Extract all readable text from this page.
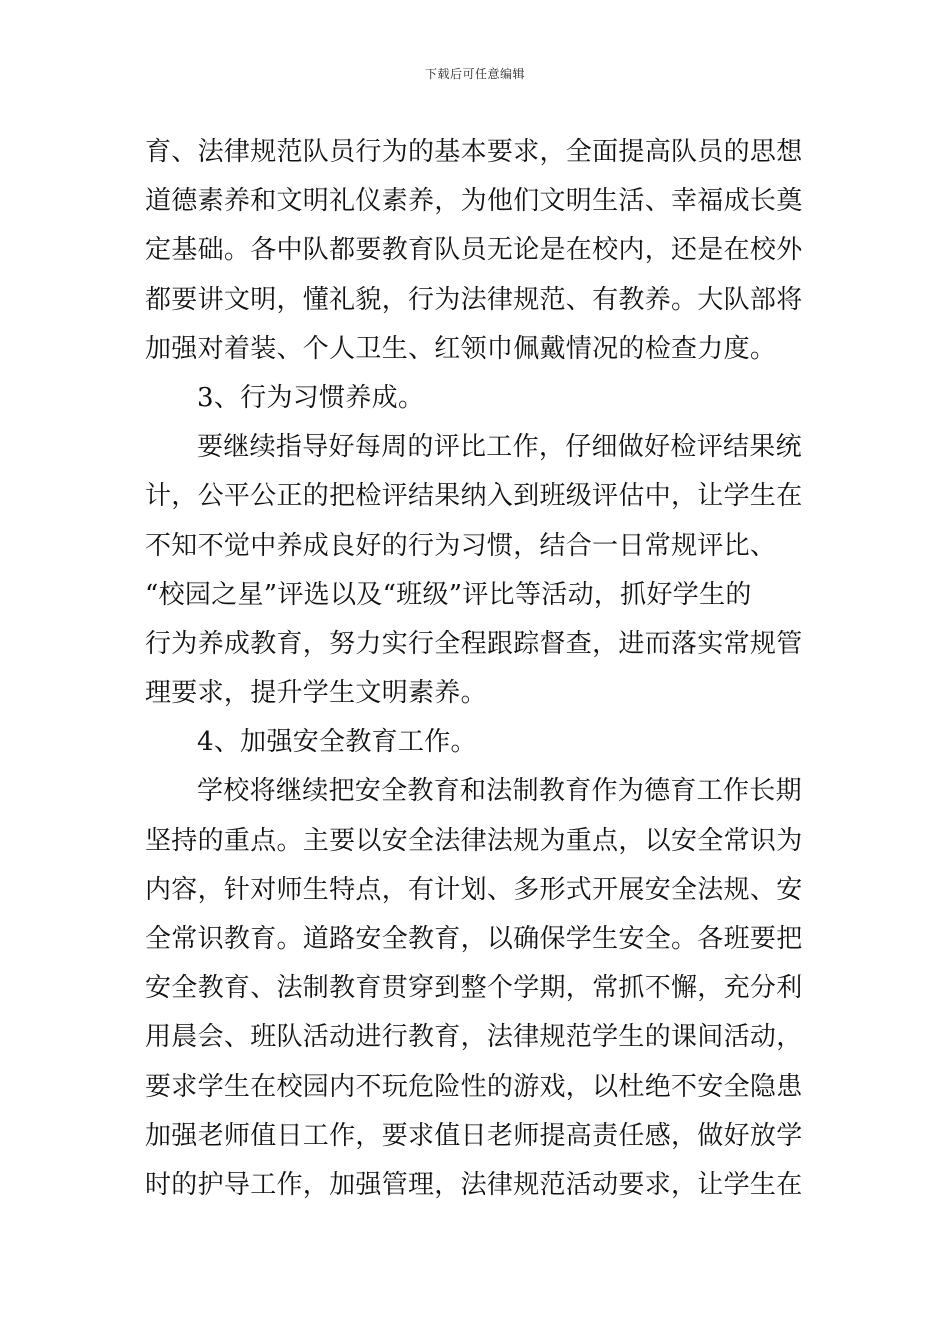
下载后可任意编辑
育、法律规范队员行为的基本要求，全面提高队员的思想
道德素养和文明礼仪素养，为他们文明生活、幸福成长奠
定基础。各中队都要教育队员无论是在校内，还是在校外
都要讲文明，懂礼貌，行为法律规范、有教养。大队部将
加强对着装、个人卫生、红领巾佩戴情况的检查力度。
3、行为习惯养成。
要继续指导好每周的评比工作，仔细做好检评结果统
计，公平公正的把检评结果纳入到班级评估中，让学生在
不知不觉中养成良好的行为习惯，结合一日常规评比、
“校园之星”评选以及“班级”评比等活动，抓好学生的
行为养成教育，努力实行全程跟踪督查，进而落实常规管
理要求，提升学生文明素养。
4、加强安全教育工作。
学校将继续把安全教育和法制教育作为德育工作长期
坚持的重点。主要以安全法律法规为重点，以安全常识为
内容，针对师生特点，有计划、多形式开展安全法规、安
全常识教育。道路安全教育，以确保学生安全。各班要把
安全教育、法制教育贯穿到整个学期，常抓不懈，充分利
用晨会、班队活动进行教育，法律规范学生的课间活动，
要求学生在校园内不玩危险性的游戏，以杜绝不安全隐患
加强老师值日工作，要求值日老师提高责任感，做好放学
时的护导工作，加强管理，法律规范活动要求，让学生在
